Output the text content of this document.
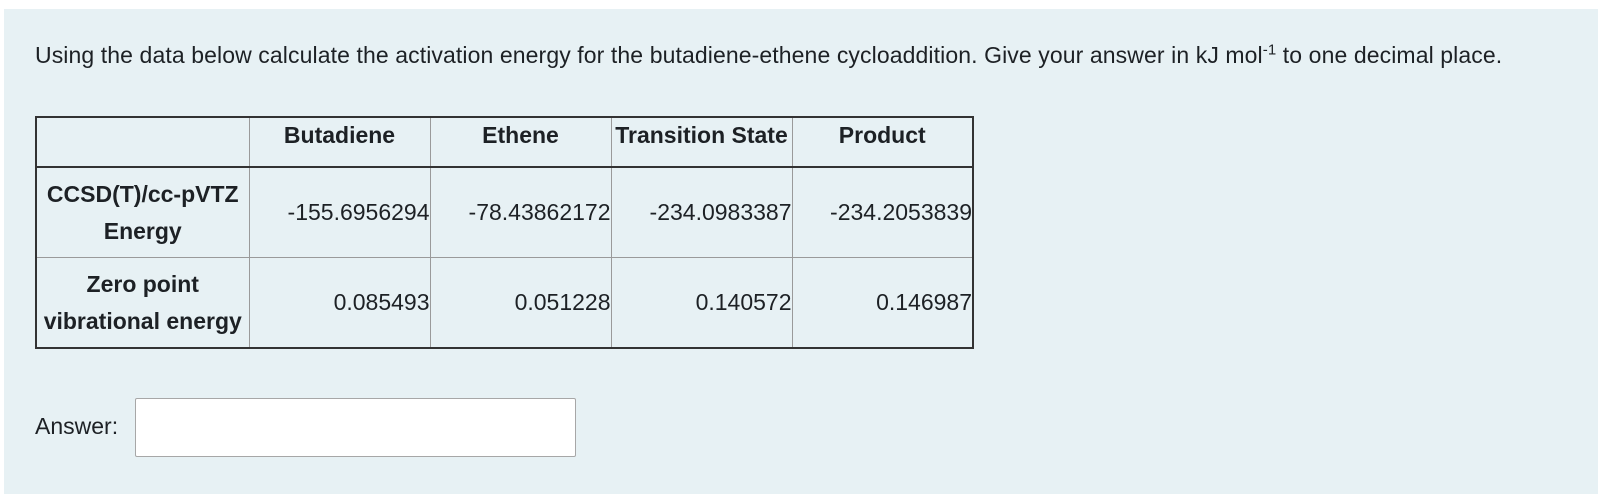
Using the data below calculate the activation energy for the butadiene-ethene cycloaddition. Give your answer in kJ mol$^{-1}$ to one decimal place.

	Butadiene	Ethene	Transition State	Product
CCSD(T)/cc-pVTZ Energy	-155.6956294	-78.43862172	-234.0983387	-234.2053839
Zero point vibrational energy	0.085493	0.051228	0.140572	0.146987
Answer:
